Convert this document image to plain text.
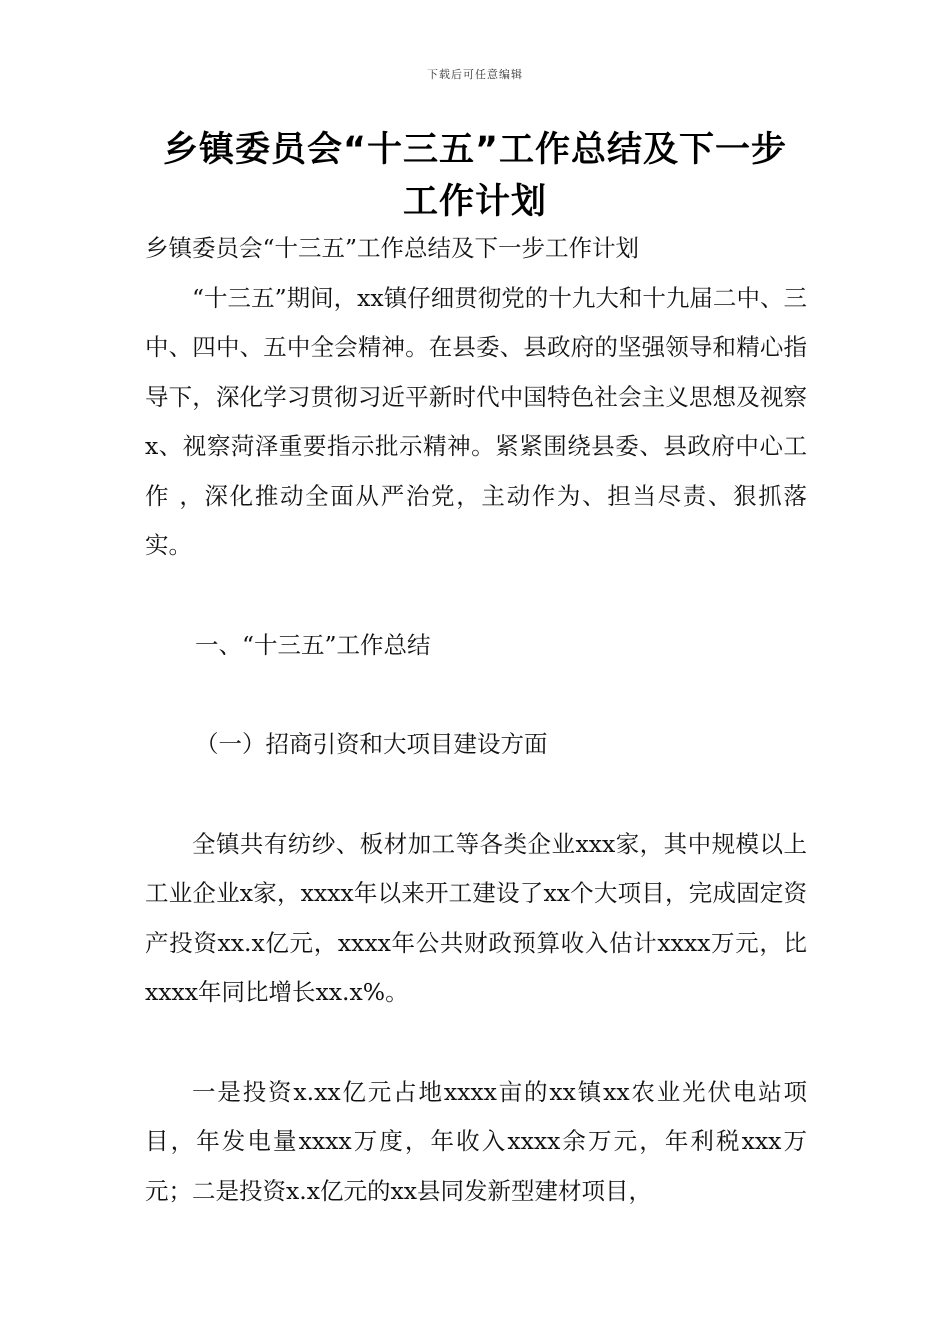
下载后可任意编辑
乡镇委员会“十三五”工作总结及下一步
工作计划

乡镇委员会“十三五”工作总结及下一步工作计划

“十三五”期间，xx镇仔细贯彻党的十九大和十九届二中、三中、四中、五中全会精神。在县委、县政府的坚强领导和精心指导下，深化学习贯彻习近平新时代中国特色社会主义思想及视察x、视察菏泽重要指示批示精神。紧紧围绕县委、县政府中心工作 ，深化推动全面从严治党，主动作为、担当尽责、狠抓落实。

一、“十三五”工作总结

（一）招商引资和大项目建设方面

全镇共有纺纱、板材加工等各类企业xxx家，其中规模以上工业企业x家，xxxx年以来开工建设了xx个大项目，完成固定资产投资xx.x亿元，xxxx年公共财政预算收入估计xxxx万元，比xxxx年同比增长xx.x%。

一是投资x.xx亿元占地xxxx亩的xx镇xx农业光伏电站项目，年发电量xxxx万度，年收入xxxx余万元，年利税xxx万元；二是投资x.x亿元的xx县同发新型建材项目，
